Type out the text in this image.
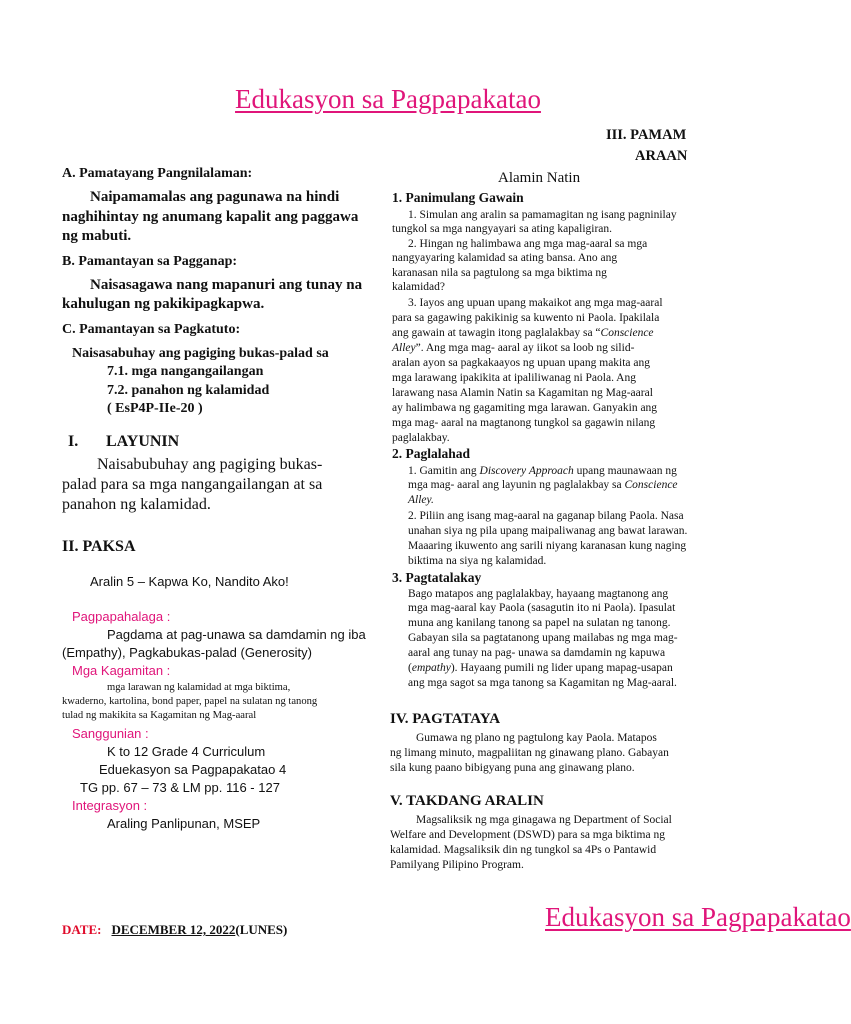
Edukasyon sa Pagpapakatao
Edukasyon sa Pagpapakatao
A. Pamatayang Pangnilalaman:
Naipamamalas ang pagunawa na hindi
naghihintay ng anumang kapalit ang paggawa
ng mabuti.
B. Pamantayan sa Pagganap:
Naisasagawa nang mapanuri ang tunay na
kahulugan ng pakikipagkapwa.
C. Pamantayan sa Pagkatuto:
Naisasabuhay ang pagiging bukas-palad sa
7.1. mga nangangailangan
7.2. panahon ng kalamidad
( EsP4P-IIe-20 )
I. LAYUNIN
Naisabubuhay ang pagiging bukas-
palad para sa mga nangangailangan at sa
panahon ng kalamidad.
II. PAKSA
Aralin 5 – Kapwa Ko, Nandito Ako!
Pagpapahalaga :
Pagdama at pag-unawa sa damdamin ng iba
(Empathy), Pagkabukas-palad (Generosity)
Mga Kagamitan :
mga larawan ng kalamidad at mga biktima,
kwaderno, kartolina, bond paper, papel na sulatan ng tanong
tulad ng makikita sa Kagamitan ng Mag-aaral
Sanggunian :
K to 12 Grade 4 Curriculum
Eduekasyon sa Pagpapakatao 4
TG pp. 67 – 73 & LM pp. 116 - 127
Integrasyon :
Araling Panlipunan, MSEP
DATE: DECEMBER 12, 2022(LUNES)
III. PAMAM
ARAAN
Alamin Natin
1. Panimulang Gawain
1. Simulan ang aralin sa pamamagitan ng isang pagninilay
tungkol sa mga nangyayari sa ating kapaligiran.
2. Hingan ng halimbawa ang mga mag-aaral sa mga
nangyayaring kalamidad sa ating bansa. Ano ang
karanasan nila sa pagtulong sa mga biktima ng
kalamidad?
3. Iayos ang upuan upang makaikot ang mga mag-aaral
para sa gagawing pakikinig sa kuwento ni Paola. Ipakilala
ang gawain at tawagin itong paglalakbay sa “Conscience
Alley”. Ang mga mag- aaral ay iikot sa loob ng silid-
aralan ayon sa pagkakaayos ng upuan upang makita ang
mga larawang ipakikita at ipaliliwanag ni Paola. Ang
larawang nasa Alamin Natin sa Kagamitan ng Mag-aaral
ay halimbawa ng gagamiting mga larawan. Ganyakin ang
mga mag- aaral na magtanong tungkol sa gagawin nilang
paglalakbay.
2. Paglalahad
1. Gamitin ang Discovery Approach upang maunawaan ng
mga mag- aaral ang layunin ng paglalakbay sa Conscience
Alley.
2. Piliin ang isang mag-aaral na gaganap bilang Paola. Nasa
unahan siya ng pila upang maipaliwanag ang bawat larawan.
Maaaring ikuwento ang sarili niyang karanasan kung naging
biktima na siya ng kalamidad.
3. Pagtatalakay
Bago matapos ang paglalakbay, hayaang magtanong ang
mga mag-aaral kay Paola (sasagutin ito ni Paola). Ipasulat
muna ang kanilang tanong sa papel na sulatan ng tanong.
Gabayan sila sa pagtatanong upang mailabas ng mga mag-
aaral ang tunay na pag- unawa sa damdamin ng kapuwa
(empathy). Hayaang pumili ng lider upang mapag-usapan
ang mga sagot sa mga tanong sa Kagamitan ng Mag-aaral.
IV. PAGTATAYA
Gumawa ng plano ng pagtulong kay Paola. Matapos
ng limang minuto, magpaliitan ng ginawang plano. Gabayan
sila kung paano bibigyang puna ang ginawang plano.
V. TAKDANG ARALIN
Magsaliksik ng mga ginagawa ng Department of Social
Welfare and Development (DSWD) para sa mga biktima ng
kalamidad. Magsaliksik din ng tungkol sa 4Ps o Pantawid
Pamilyang Pilipino Program.
